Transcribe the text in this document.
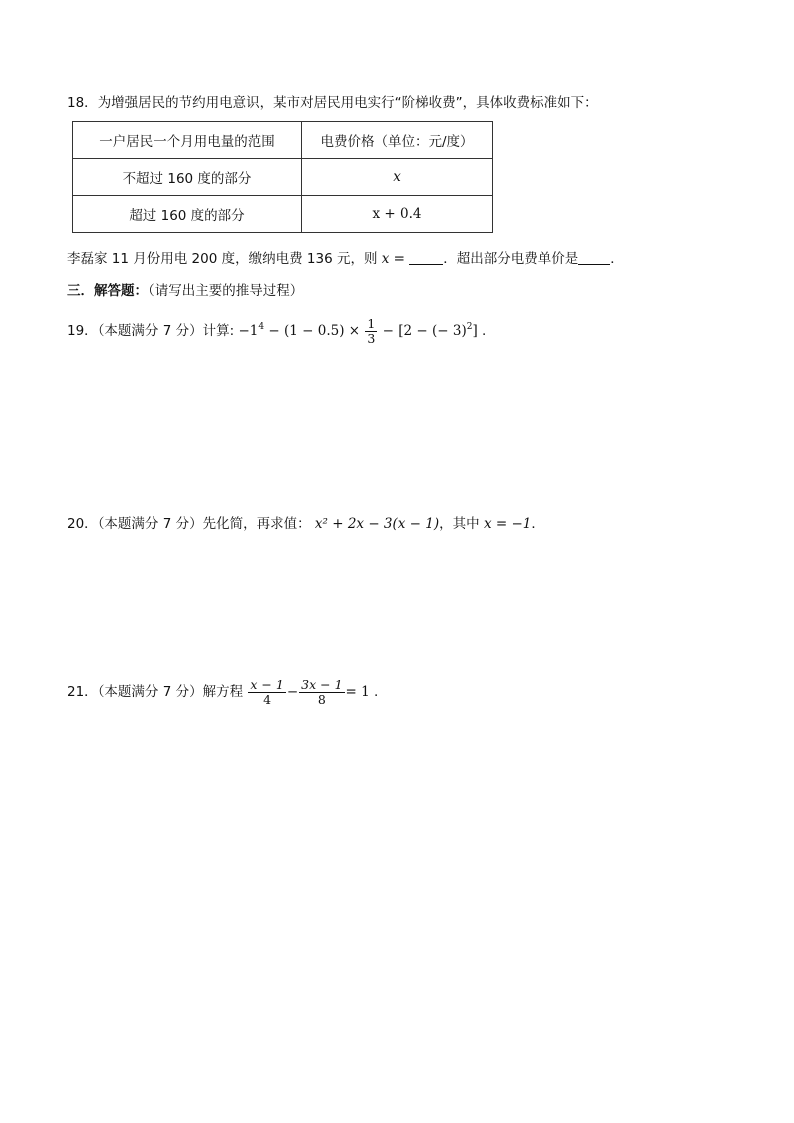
18．为增强居民的节约用电意识，某市对居民用电实行“阶梯收费”，具体收费标准如下：
一户居民一个月用电量的范围	电费价格（单位：元/度）
不超过 160 度的部分	x
超过 160 度的部分	x + 0.4
李磊家 11 月份用电 200 度，缴纳电费 136 元，则 x =	．超出部分电费单价是 ．
三．解答题：（请写出主要的推导过程）
19．（本题满分 7 分）计算: $-1^4 - (1 - 0.5) \times \frac{1}{3} - [2$ − (− 3)$^2$] .
20．（本题满分 7 分）先化简，再求值： x² + 2x − 3(x − 1)，其中 x = −1．
21．（本题满分 7 分）解方程 $\frac{x - 1}{4} - \frac{3x - 1}{8} = 1$ .
